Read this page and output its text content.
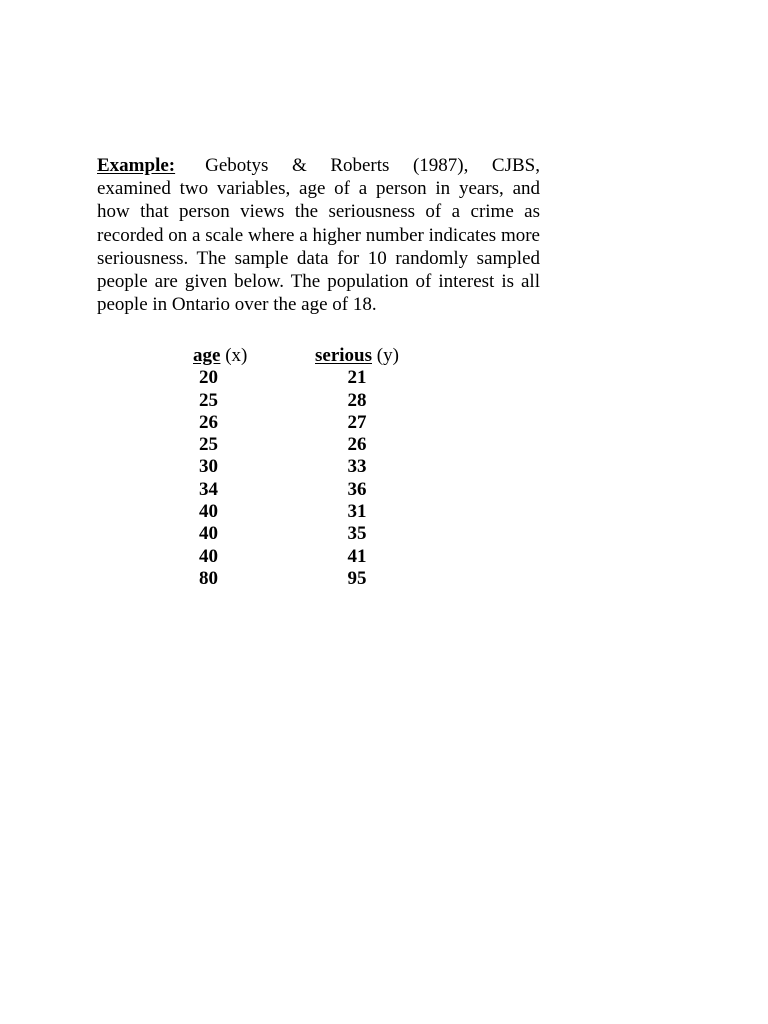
Example: Gebotys & Roberts (1987), CJBS, examined two variables, age of a person in years, and how that person views the seriousness of a crime as recorded on a scale where a higher number indicates more seriousness. The sample data for 10 randomly sampled people are given below. The population of interest is all people in Ontario over the age of 18.
age (x)	serious (y)
20	21
25	28
26	27
25	26
30	33
34	36
40	31
40	35
40	41
80	95
